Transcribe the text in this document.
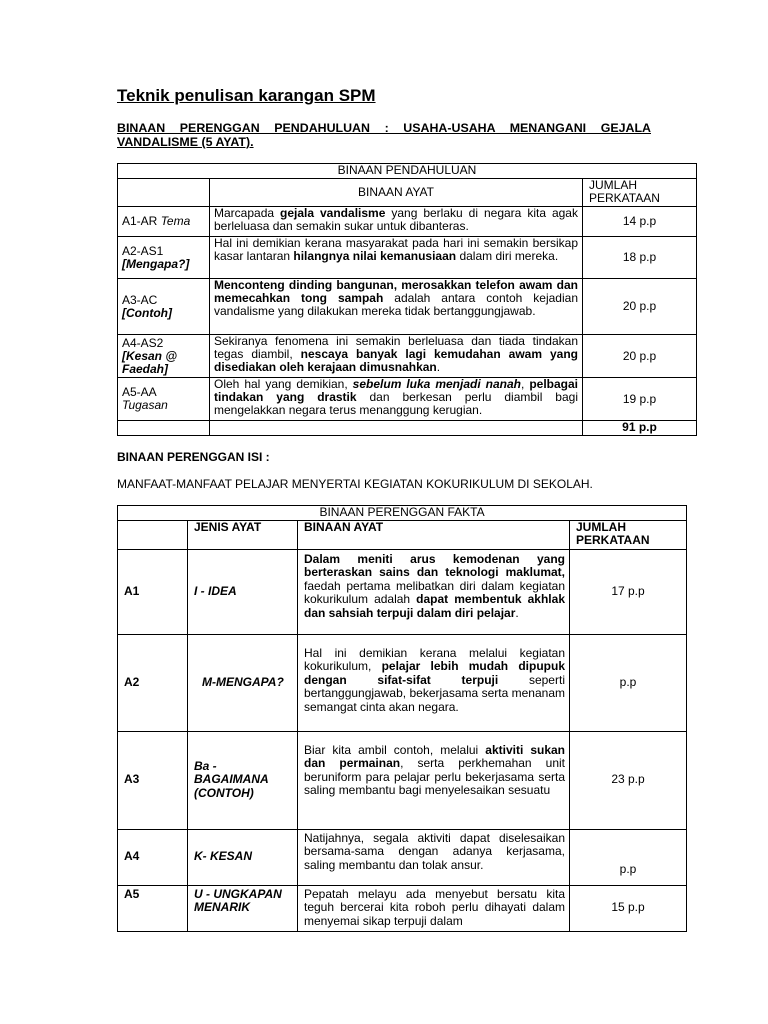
Teknik penulisan karangan SPM
BINAAN PERENGGAN PENDAHULUAN : USAHA-USAHA MENANGANI GEJALA
VANDALISME (5 AYAT).
BINAAN PENDAHULUAN		
	BINAAN AYAT	JUMLAH
PERKATAAN
A1-AR Tema	Marcapada gejala vandalisme yang berlaku di negara kita agak berleluasa dan semakin sukar untuk dibanteras.	14 p.p
A2-AS1
[Mengapa?]	Hal ini demikian kerana masyarakat pada hari ini semakin bersikap kasar lantaran hilangnya nilai kemanusiaan dalam diri mereka.	18 p.p
A3-AC
[Contoh]	Menconteng dinding bangunan, merosakkan telefon awam dan memecahkan tong sampah adalah antara contoh kejadian vandalisme yang dilakukan mereka tidak bertanggungjawab.	20 p.p
A4-AS2
[Kesan @ Faedah]	Sekiranya fenomena ini semakin berleluasa dan tiada tindakan tegas diambil, nescaya banyak lagi kemudahan awam yang disediakan oleh kerajaan dimusnahkan.	20 p.p
A5-AA
Tugasan	Oleh hal yang demikian, sebelum luka menjadi nanah, pelbagai tindakan yang drastik dan berkesan perlu diambil bagi mengelakkan negara terus menanggung kerugian.	19 p.p
		91 p.p
BINAAN PERENGGAN ISI :
MANFAAT-MANFAAT PELAJAR MENYERTAI KEGIATAN KOKURIKULUM DI SEKOLAH.
BINAAN PERENGGAN FAKTA			
	JENIS AYAT	BINAAN AYAT	JUMLAH
PERKATAAN
A1	I - IDEA	Dalam meniti arus kemodenan yang berteraskan sains dan teknologi maklumat, faedah pertama melibatkan diri dalam kegiatan kokurikulum adalah dapat membentuk akhlak dan sahsiah terpuji dalam diri pelajar.	17 p.p
A2	M-MENGAPA?	Hal ini demikian kerana melalui kegiatan kokurikulum, pelajar lebih mudah dipupuk dengan sifat-sifat terpuji seperti bertanggungjawab, bekerjasama serta menanam semangat cinta akan negara.	p.p
A3	Ba - BAGAIMANA (CONTOH)	Biar kita ambil contoh, melalui aktiviti sukan dan permainan, serta perkhemahan unit beruniform para pelajar perlu bekerjasama serta saling membantu bagi menyelesaikan sesuatu	23 p.p
A4	K- KESAN	Natijahnya, segala aktiviti dapat diselesaikan bersama-sama dengan adanya kerjasama, saling membantu dan tolak ansur.	p.p
A5	U - UNGKAPAN MENARIK	Pepatah melayu ada menyebut bersatu kita teguh bercerai kita roboh perlu dihayati dalam menyemai sikap terpuji dalam	15 p.p
